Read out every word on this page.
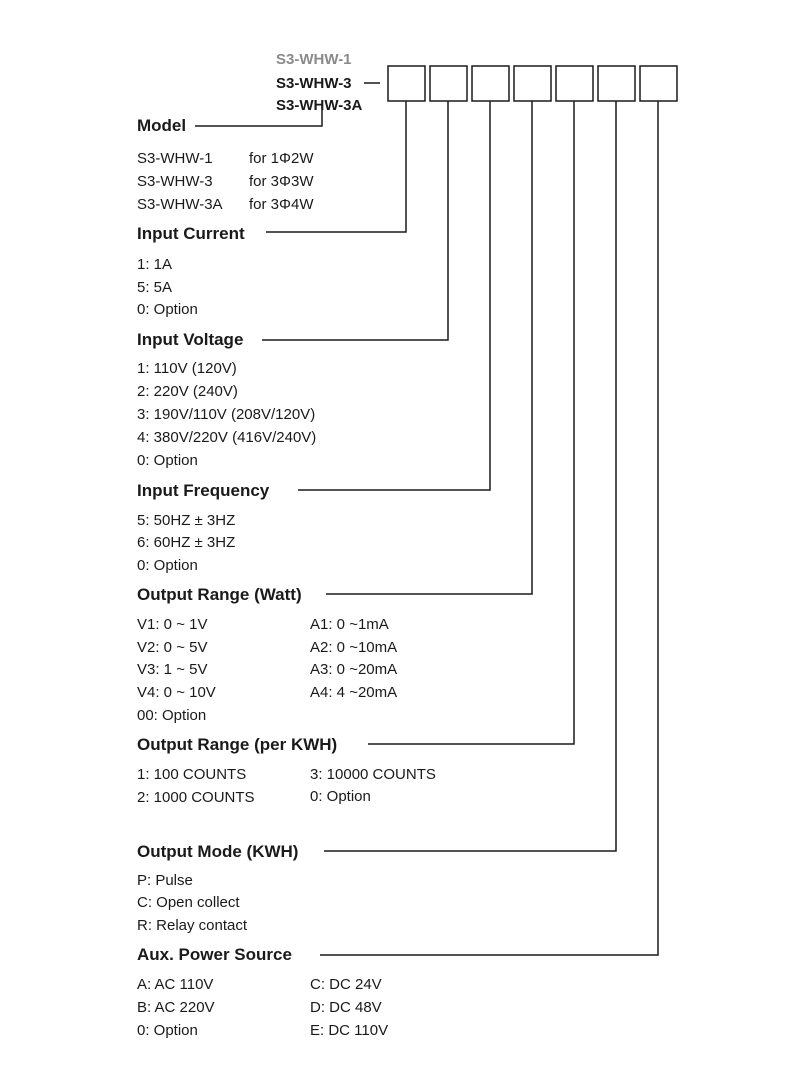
S3-WHW-1
S3-WHW-3
S3-WHW-3A
Model
S3-WHW-1 for 1Φ2W
S3-WHW-3 for 3Φ3W
S3-WHW-3A for 3Φ4W
Input Current
1: 1A
5: 5A
0: Option
Input Voltage
1: 110V (120V)
2: 220V (240V)
3: 190V/110V (208V/120V)
4: 380V/220V (416V/240V)
0: Option
Input Frequency
5: 50HZ ± 3HZ
6: 60HZ ± 3HZ
0: Option
Output Range (Watt)
V1: 0 ~ 1V
V2: 0 ~ 5V
V3: 1 ~ 5V
V4: 0 ~ 10V
00: Option
A1: 0 ~1mA
A2: 0 ~10mA
A3: 0 ~20mA
A4: 4 ~20mA
Output Range (per KWH)
1: 100 COUNTS
2: 1000 COUNTS
3: 10000 COUNTS
0: Option
Output Mode (KWH)
P: Pulse
C: Open collect
R: Relay contact
Aux. Power Source
A: AC 110V
B: AC 220V
0: Option
C: DC 24V
D: DC 48V
E: DC 110V
